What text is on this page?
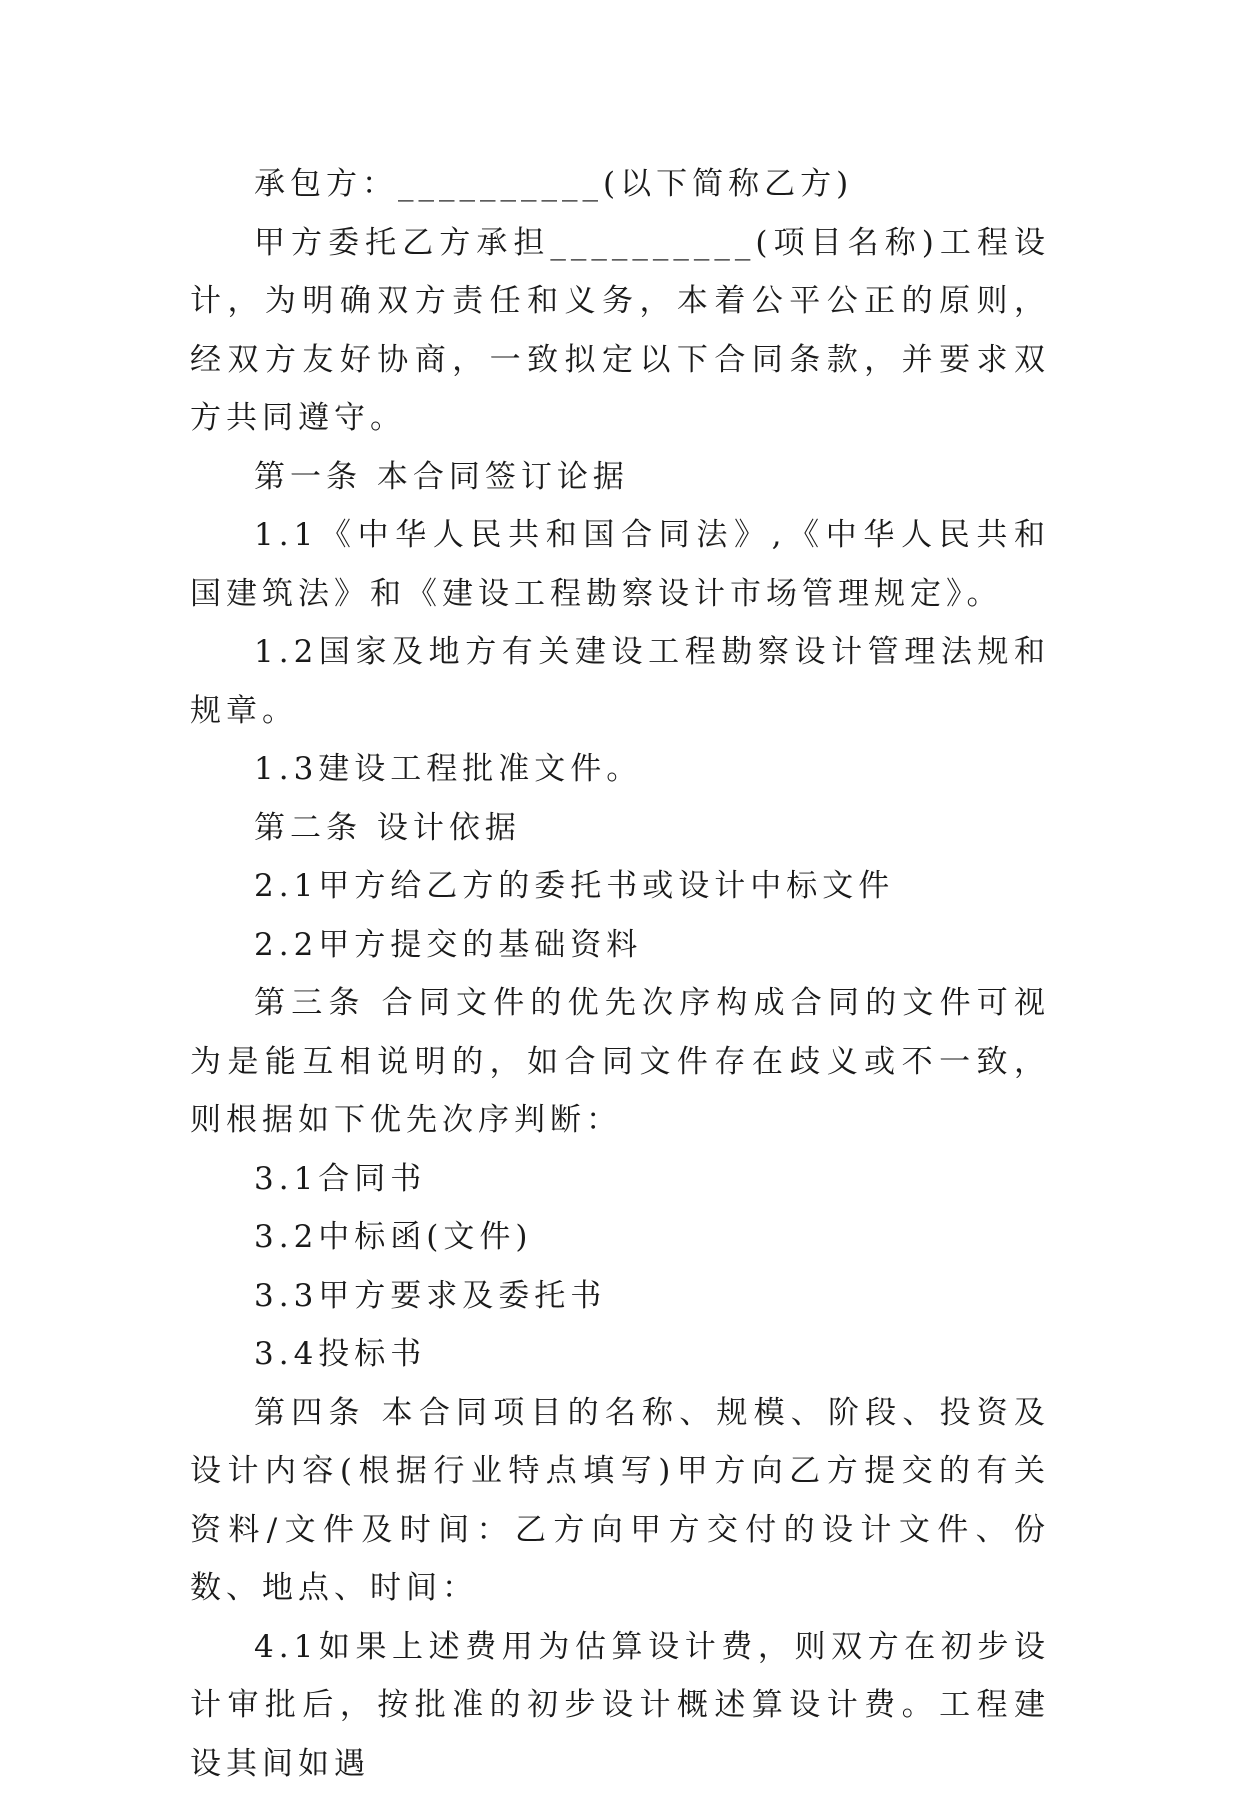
承包方：__________(以下简称乙方)

甲方委托乙方承担__________(项目名称)工程设计，为明确双方责任和义务，本着公平公正的原则，经双方友好协商，一致拟定以下合同条款，并要求双方共同遵守。

第一条 本合同签订论据

1.1《中华人民共和国合同法》,《中华人民共和国建筑法》和《建设工程勘察设计市场管理规定》。

1.2国家及地方有关建设工程勘察设计管理法规和规章。

1.3建设工程批准文件。

第二条 设计依据

2.1甲方给乙方的委托书或设计中标文件

2.2甲方提交的基础资料

第三条 合同文件的优先次序构成合同的文件可视为是能互相说明的，如合同文件存在歧义或不一致，则根据如下优先次序判断：

3.1合同书

3.2中标函(文件)

3.3甲方要求及委托书

3.4投标书

第四条 本合同项目的名称、规模、阶段、投资及设计内容(根据行业特点填写)甲方向乙方提交的有关资料/文件及时间：乙方向甲方交付的设计文件、份数、地点、时间：

4.1如果上述费用为估算设计费，则双方在初步设计审批后，按批准的初步设计概述算设计费。工程建设其间如遇
